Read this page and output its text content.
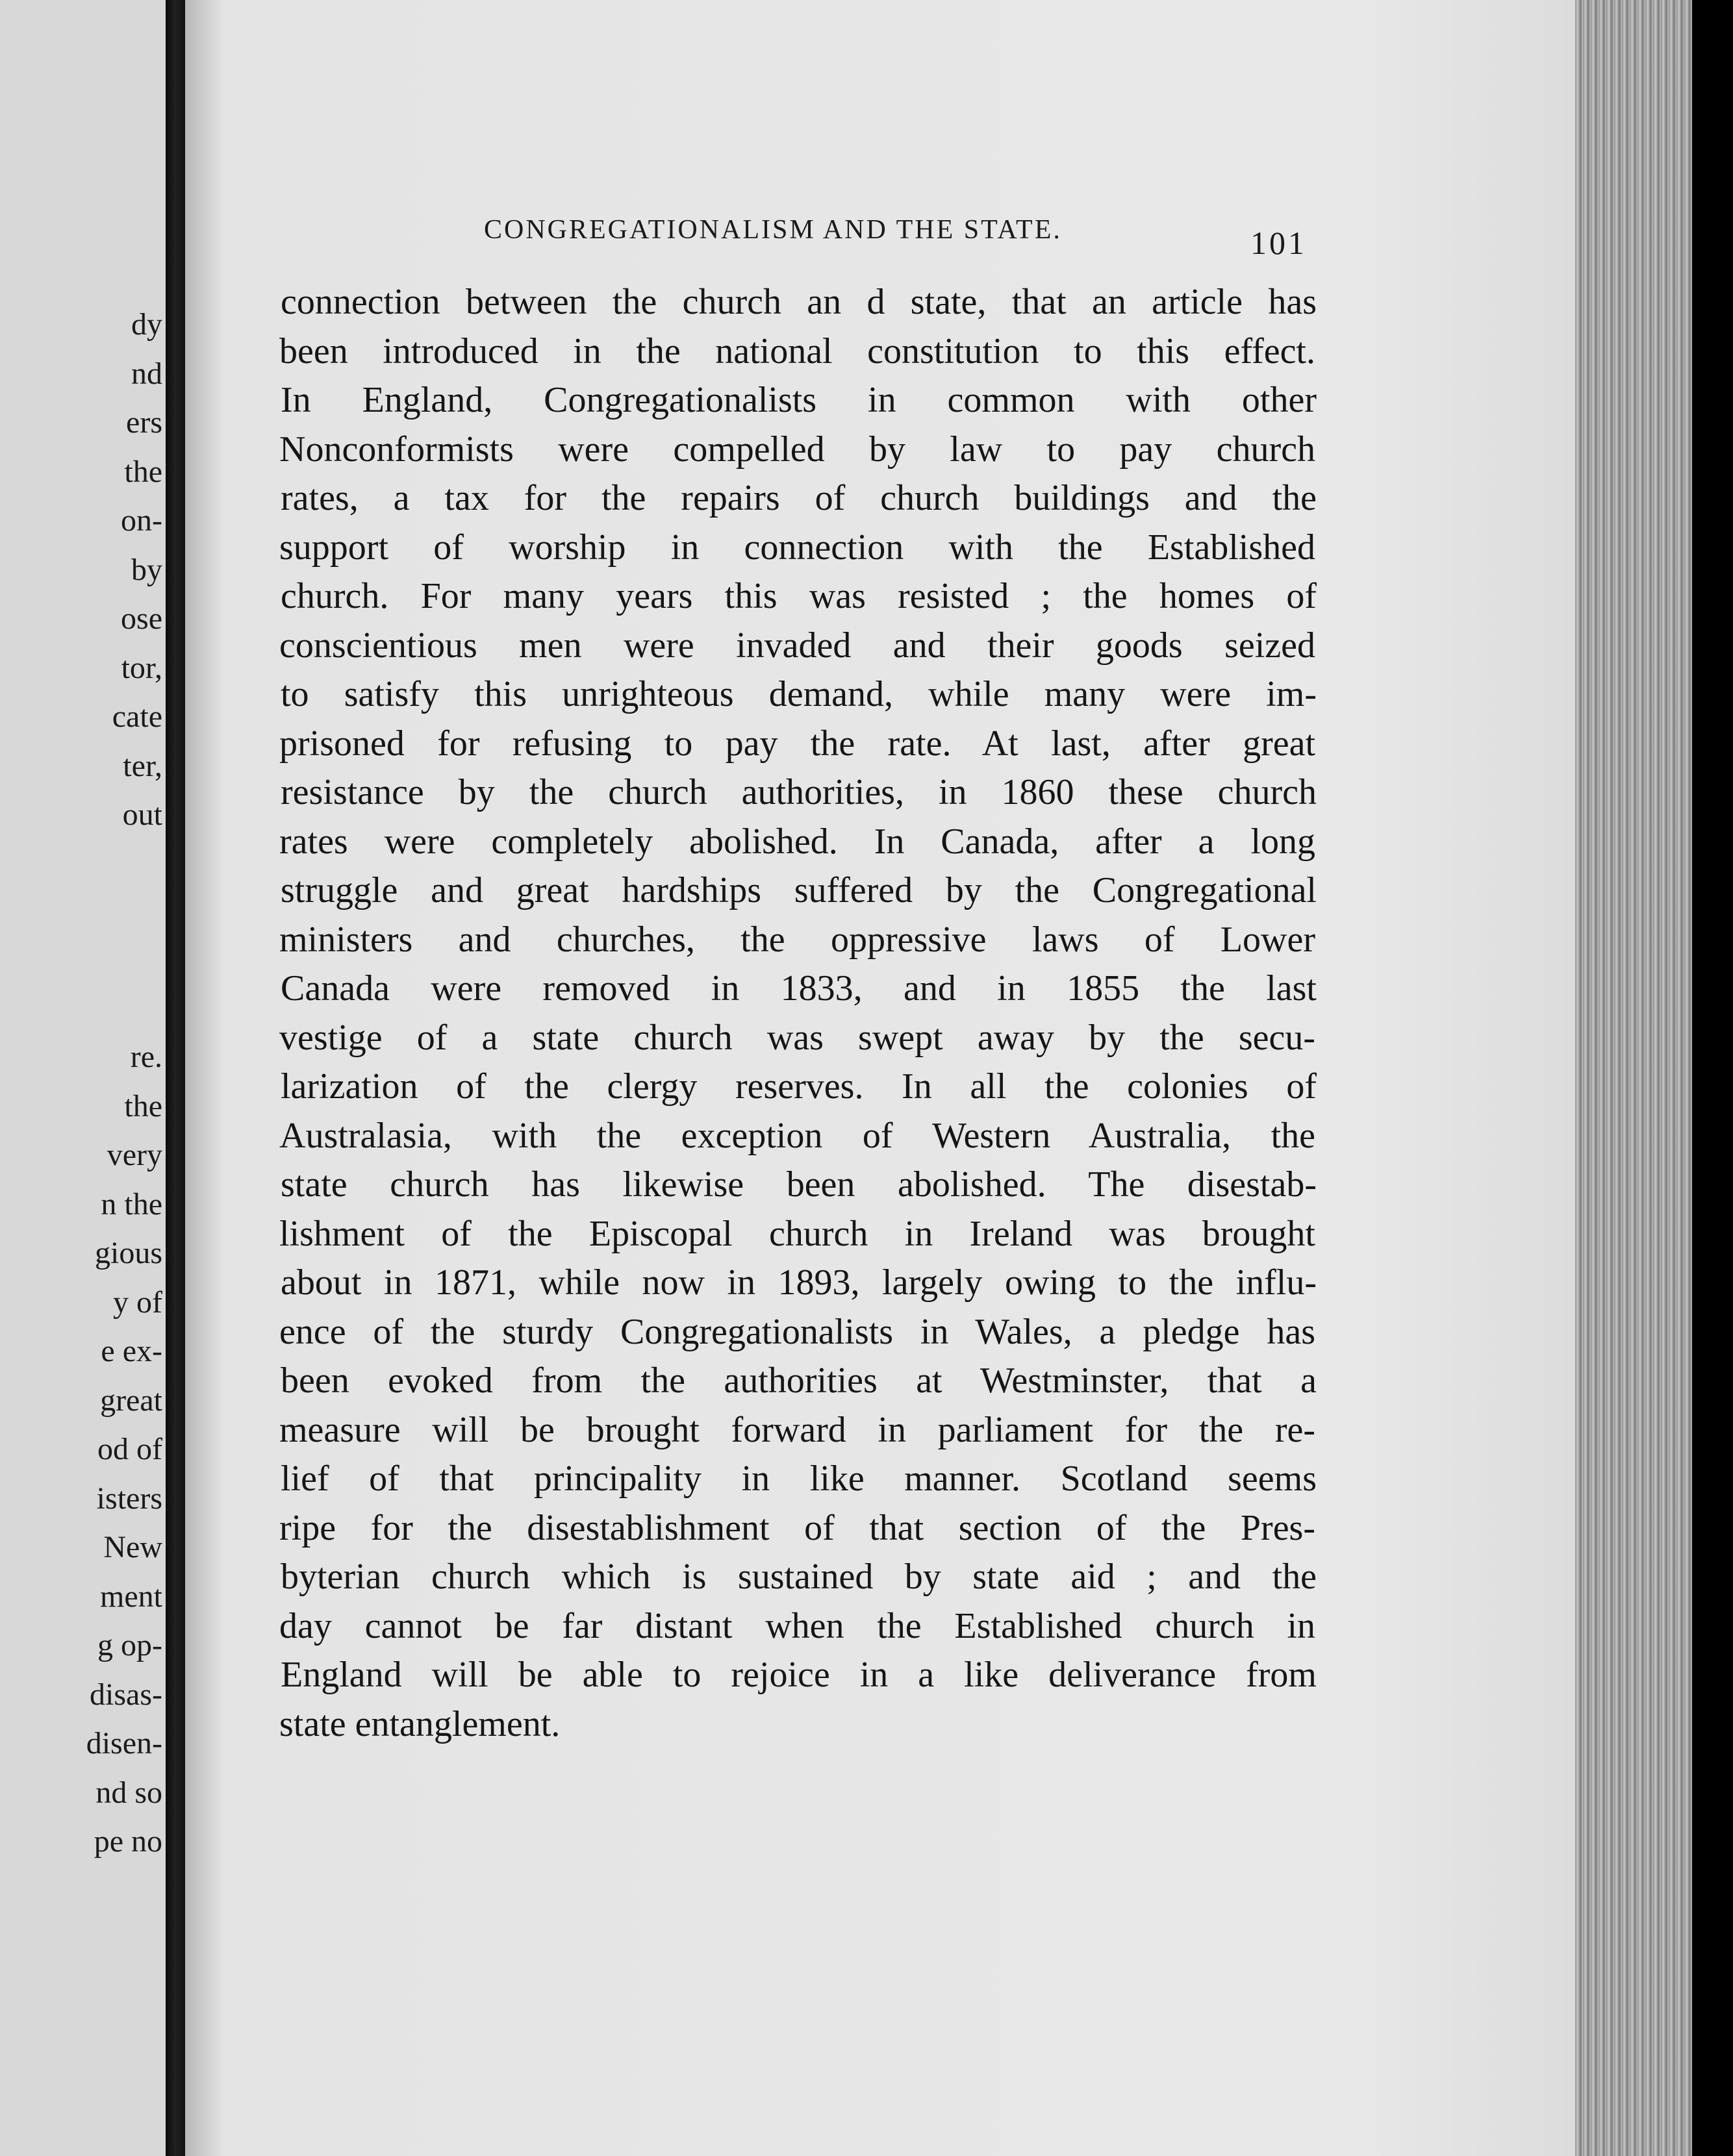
dy
nd
ers
the
on-
by
ose
tor,
cate
ter,
out
re.
the
very
n the
gious
y of
e ex-
great
od of
isters
New
ment
g op-
disas-
disen-
nd so
pe no
CONGREGATIONALISM AND THE STATE.	101
connection between the church an d state, that an article has
been introduced in the national constitution to this effect.
In England, Congregationalists in common with other
Nonconformists were compelled by law to pay church
rates, a tax for the repairs of church buildings and the
support of worship in connection with the Established
church. For many years this was resisted ; the homes of
conscientious men were invaded and their goods seized
to satisfy this unrighteous demand, while many were im-
prisoned for refusing to pay the rate. At last, after great
resistance by the church authorities, in 1860 these church
rates were completely abolished. In Canada, after a long
struggle and great hardships suffered by the Congregational
ministers and churches, the oppressive laws of Lower
Canada were removed in 1833, and in 1855 the last
vestige of a state church was swept away by the secu-
larization of the clergy reserves. In all the colonies of
Australasia, with the exception of Western Australia, the
state church has likewise been abolished. The disestab-
lishment of the Episcopal church in Ireland was brought
about in 1871, while now in 1893, largely owing to the influ-
ence of the sturdy Congregationalists in Wales, a pledge has
been evoked from the authorities at Westminster, that a
measure will be brought forward in parliament for the re-
lief of that principality in like manner. Scotland seems
ripe for the disestablishment of that section of the Pres-
byterian church which is sustained by state aid ; and the
day cannot be far distant when the Established church in
England will be able to rejoice in a like deliverance from
state entanglement.
